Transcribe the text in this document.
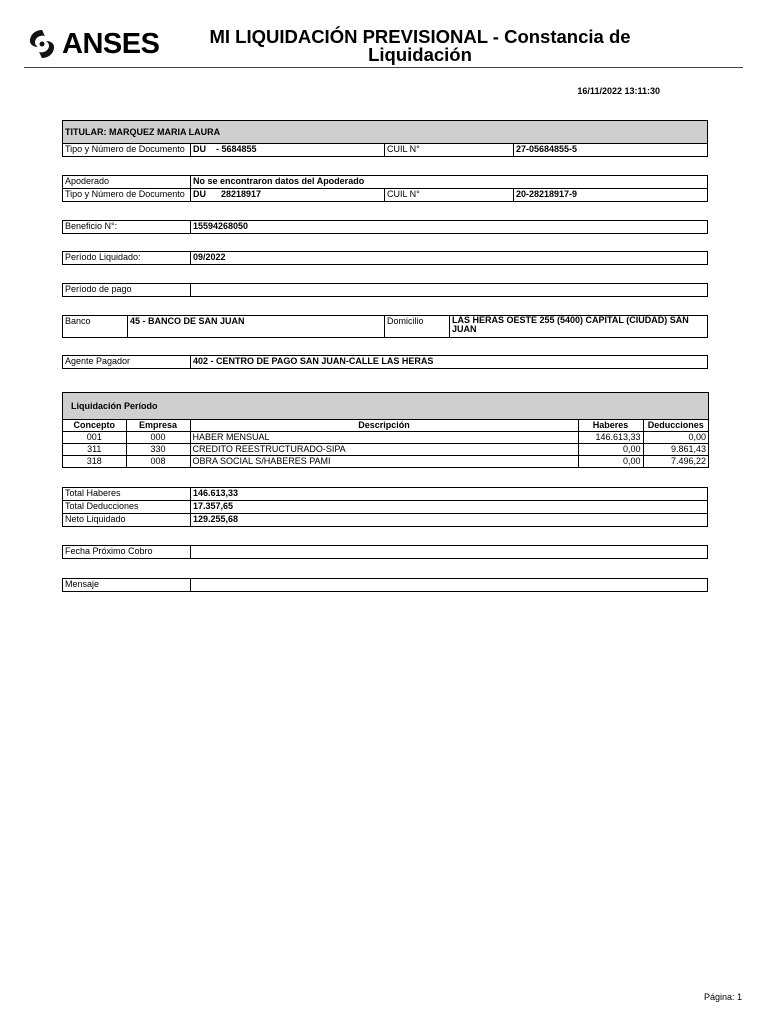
ANSES	MI LIQUIDACIÓN PREVISIONAL - Constancia de
Liquidación
16/11/2022 13:11:30
TITULAR: MARQUEZ MARIA LAURA
Tipo y Número de Documento	DU    - 5684855	CUIL N°	27-05684855-5
Apoderado	No se encontraron datos del Apoderado		
Tipo y Número de Documento	DU      28218917	CUIL N°	20-28218917-9
Beneficio N°:	15594268050
Período Liquidado:	09/2022
Período de pago	
Banco	45 - BANCO DE SAN JUAN	Domicilio	LAS HERAS OESTE 255 (5400) CAPITAL (CIUDAD) SAN
JUAN
Agente Pagador	402 - CENTRO DE PAGO SAN JUAN-CALLE LAS HERAS
Liquidación Período
Concepto	Empresa	Descripción	Haberes	Deducciones
001	000	HABER MENSUAL	146.613,33	0,00
311	330	CREDITO REESTRUCTURADO-SIPA	0,00	9.861,43
318	008	OBRA SOCIAL S/HABERES PAMI	0,00	7.496,22
Total Haberes	146.613,33
Total Deducciones	17.357,65
Neto Liquidado	129.255,68
Fecha Próximo Cobro	
Mensaje	
Página: 1
